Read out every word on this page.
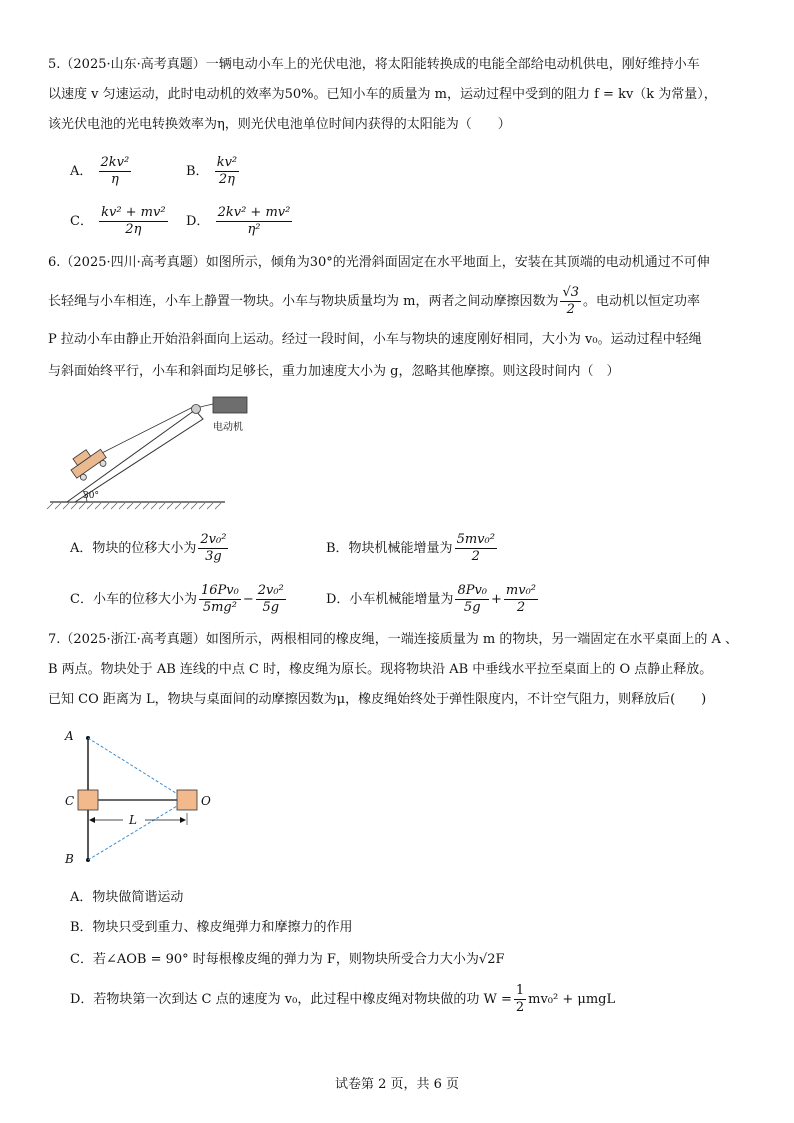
5.（2025·山东·高考真题）一辆电动小车上的光伏电池，将太阳能转换成的电能全部给电动机供电，刚好维持小车
以速度 v 匀速运动，此时电动机的效率为50%。已知小车的质量为 m，运动过程中受到的阻力 f = kv（k 为常量），
该光伏电池的光电转换效率为η，则光伏电池单位时间内获得的太阳能为（　　）
A． $\frac{\text{2kv²}}{\eta}$	B． $\frac{\text{kv²}}{2\eta}$
C． $\frac{\text{kv² + mv²}}{2\eta}$ D． $\frac{\text{2kv² + mv²}}{\text{η²}}$
6.（2025·四川·高考真题）如图所示，倾角为30°的光滑斜面固定在水平地面上，安装在其顶端的电动机通过不可伸
长轻绳与小车相连，小车上静置一物块。小车与物块质量均为 m，两者之间动摩擦因数为 $\frac{√3}{2}$ 。电动机以恒定功率
P 拉动小车由静止开始沿斜面向上运动。经过一段时间，小车与物块的速度刚好相同，大小为 v₀。运动过程中轻绳
与斜面始终平行，小车和斜面均足够长，重力加速度大小为 g，忽略其他摩擦。则这段时间内（　）
30°
电动机
A．物块的位移大小为 $\frac{\text{2v₀²}}{3g}$	B．物块机械能增量为 $\frac{\text{5mv₀²}}{2}$
C．小车的位移大小为 $\frac{\text{16Pv₀}}{\text{5mg²}} - \frac{\text{2v₀²}}{5g}$	D．小车机械能增量为 $\frac{\text{8Pv₀}}{5g} + \frac{\text{mv₀²}}{2}$
7.（2025·浙江·高考真题）如图所示，两根相同的橡皮绳，一端连接质量为 m 的物块，另一端固定在水平桌面上的 A 、
B 两点。物块处于 AB 连线的中点 C 时，橡皮绳为原长。现将物块沿 AB 中垂线水平拉至桌面上的 O 点静止释放。
已知 CO 距离为 L，物块与桌面间的动摩擦因数为μ，橡皮绳始终处于弹性限度内，不计空气阻力，则释放后(　　)
L
A
C
B
O
A．物块做简谐运动
B．物块只受到重力、橡皮绳弹力和摩擦力的作用
C．若∠AOB = 90° 时每根橡皮绳的弹力为 F，则物块所受合力大小为√2F
D．若物块第一次到达 C 点的速度为 v₀，此过程中橡皮绳对物块做的功 $W = \frac{1}{2} mv_0^2 + \mu mgL$
试卷第 2 页，共 6 页
